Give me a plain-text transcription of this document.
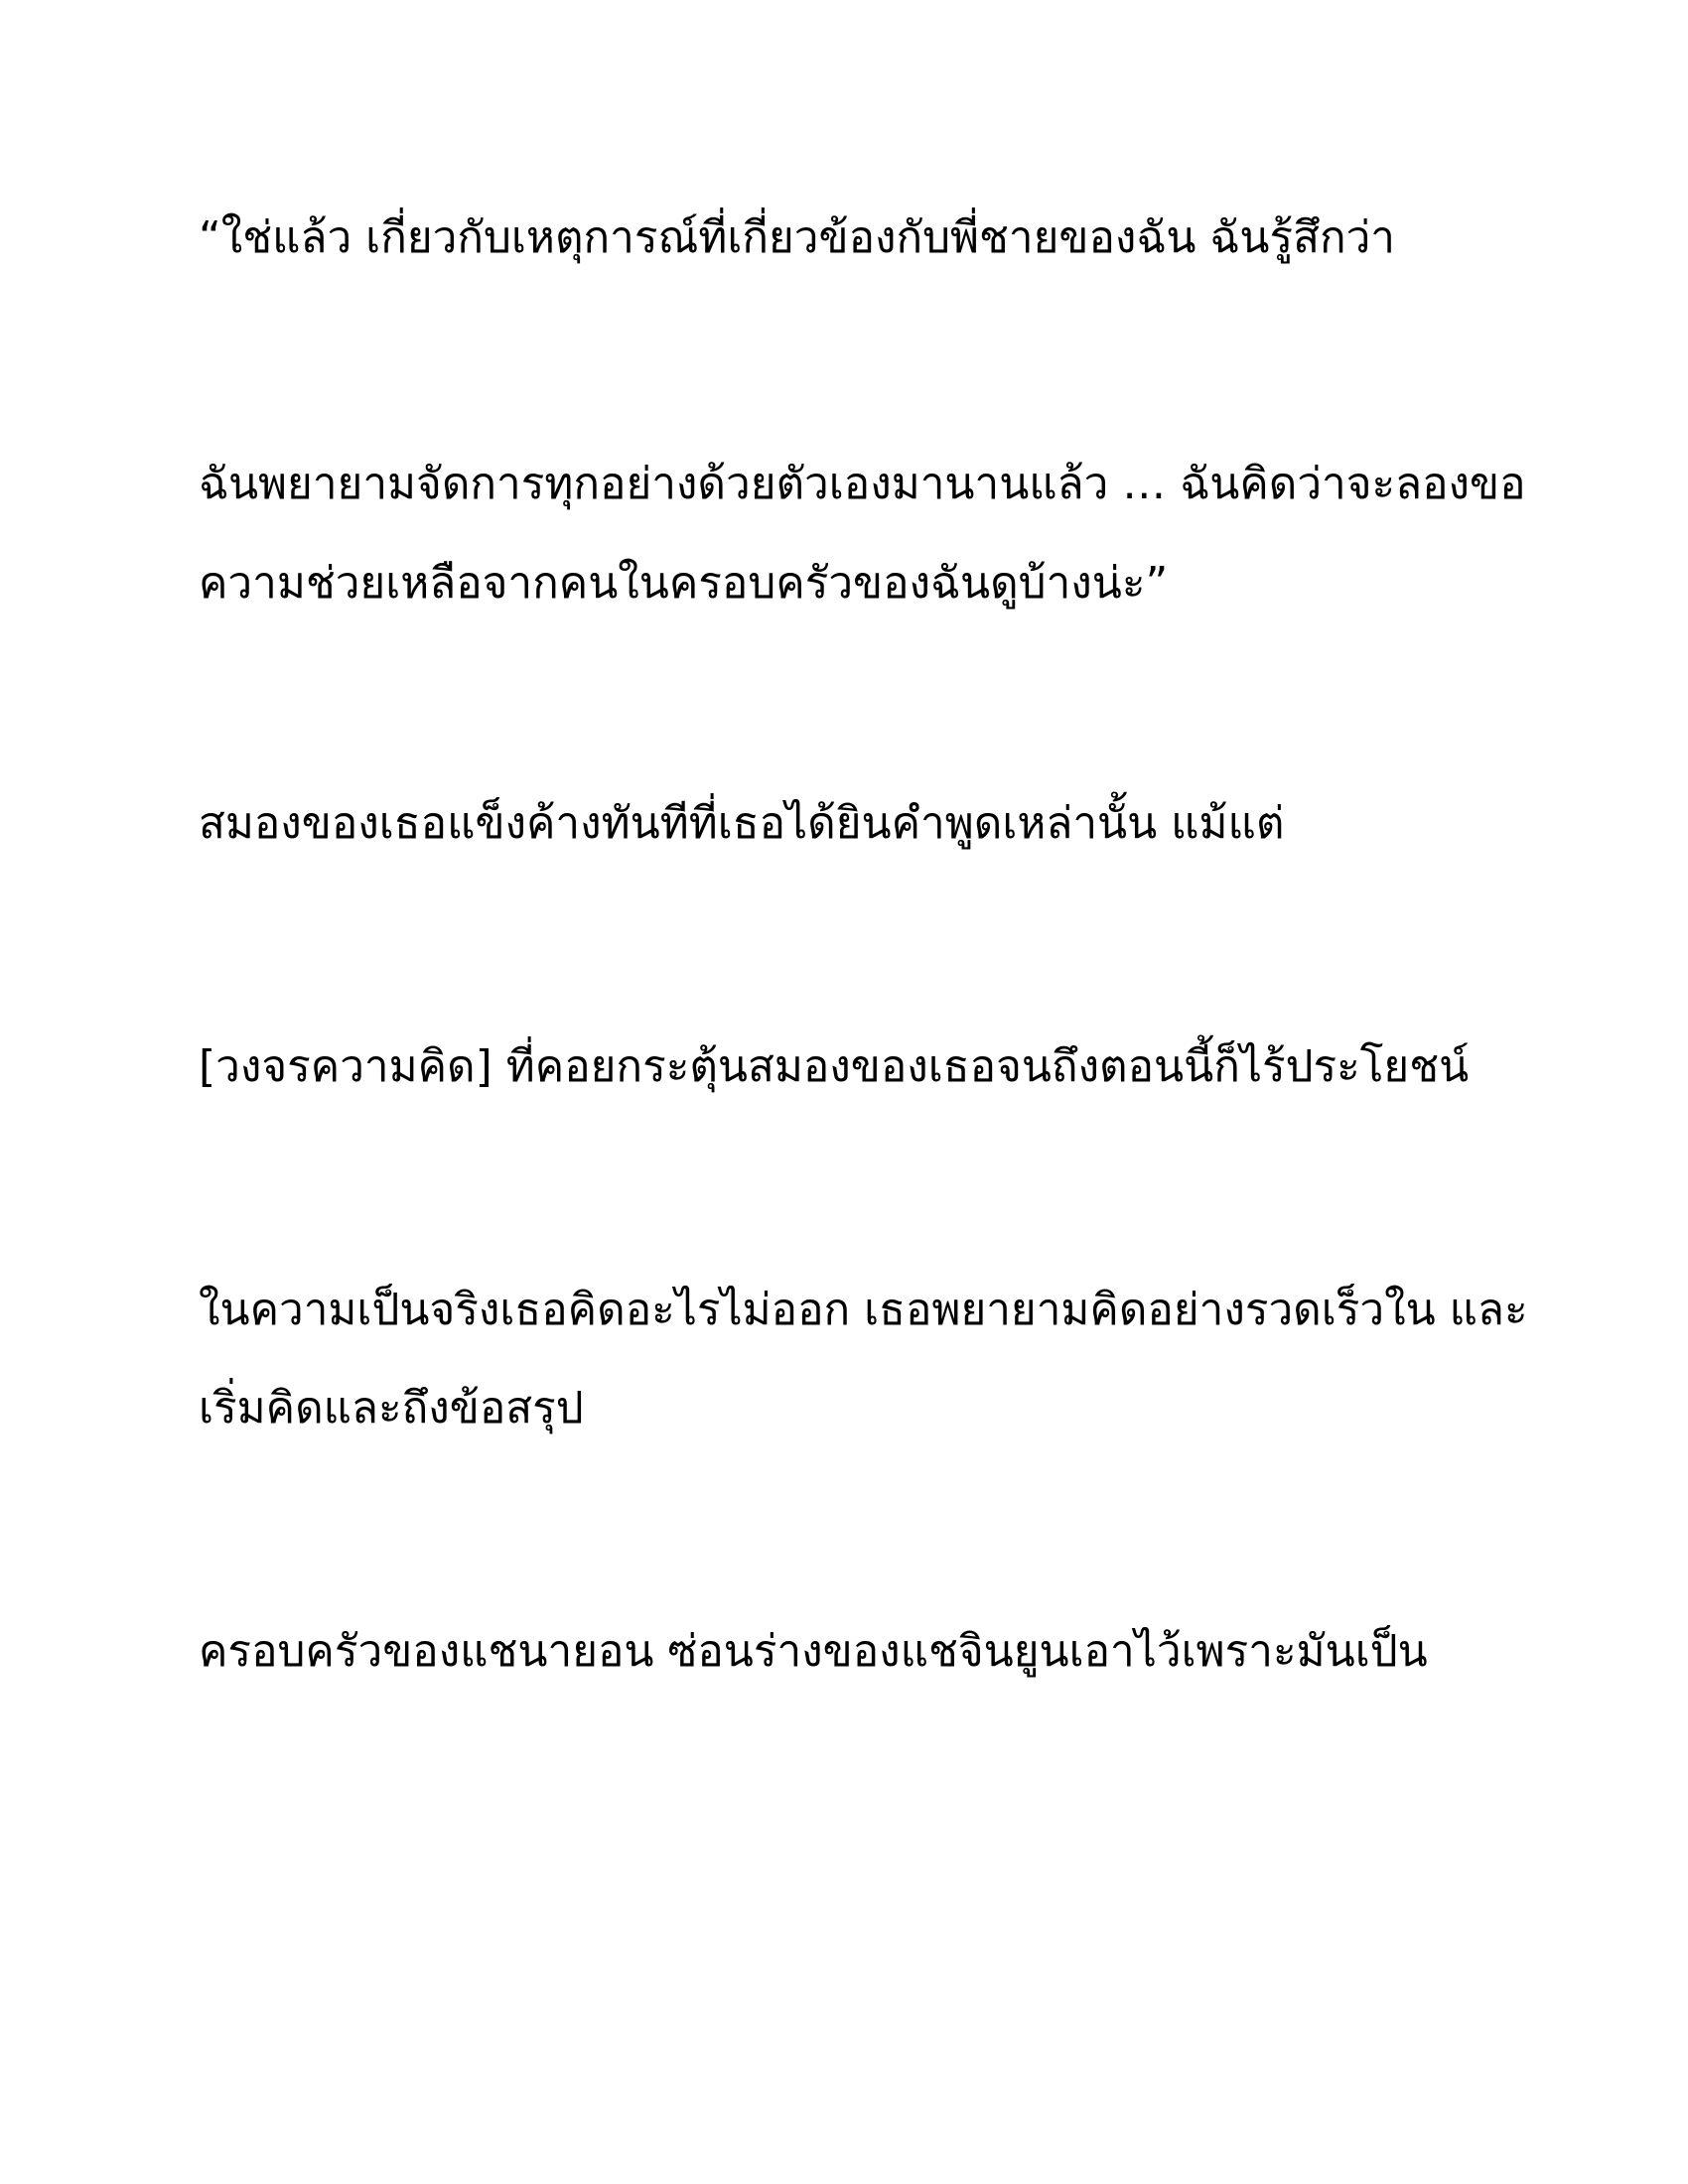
“ใช่แล้ว เกี่ยวกับเหตุการณ์ที่เกี่ยวข้องกับพี่ชายของฉัน ฉันรู้สึกว่า
ฉันพยายามจัดการทุกอย่างด้วยตัวเองมานานแล้ว … ฉันคิดว่าจะลองขอ
ความช่วยเหลือจากคนในครอบครัวของฉันดูบ้างน่ะ”
สมองของเธอแข็งค้างทันทีที่เธอได้ยินคำพูดเหล่านั้น แม้แต่
[วงจรความคิด] ที่คอยกระตุ้นสมองของเธอจนถึงตอนนี้ก็ไร้ประโยชน์
ในความเป็นจริงเธอคิดอะไรไม่ออก เธอพยายามคิดอย่างรวดเร็วใน และ
เริ่มคิดและถึงข้อสรุป
ครอบครัวของแชนายอน ซ่อนร่างของแชจินยูนเอาไว้เพราะมันเป็น
